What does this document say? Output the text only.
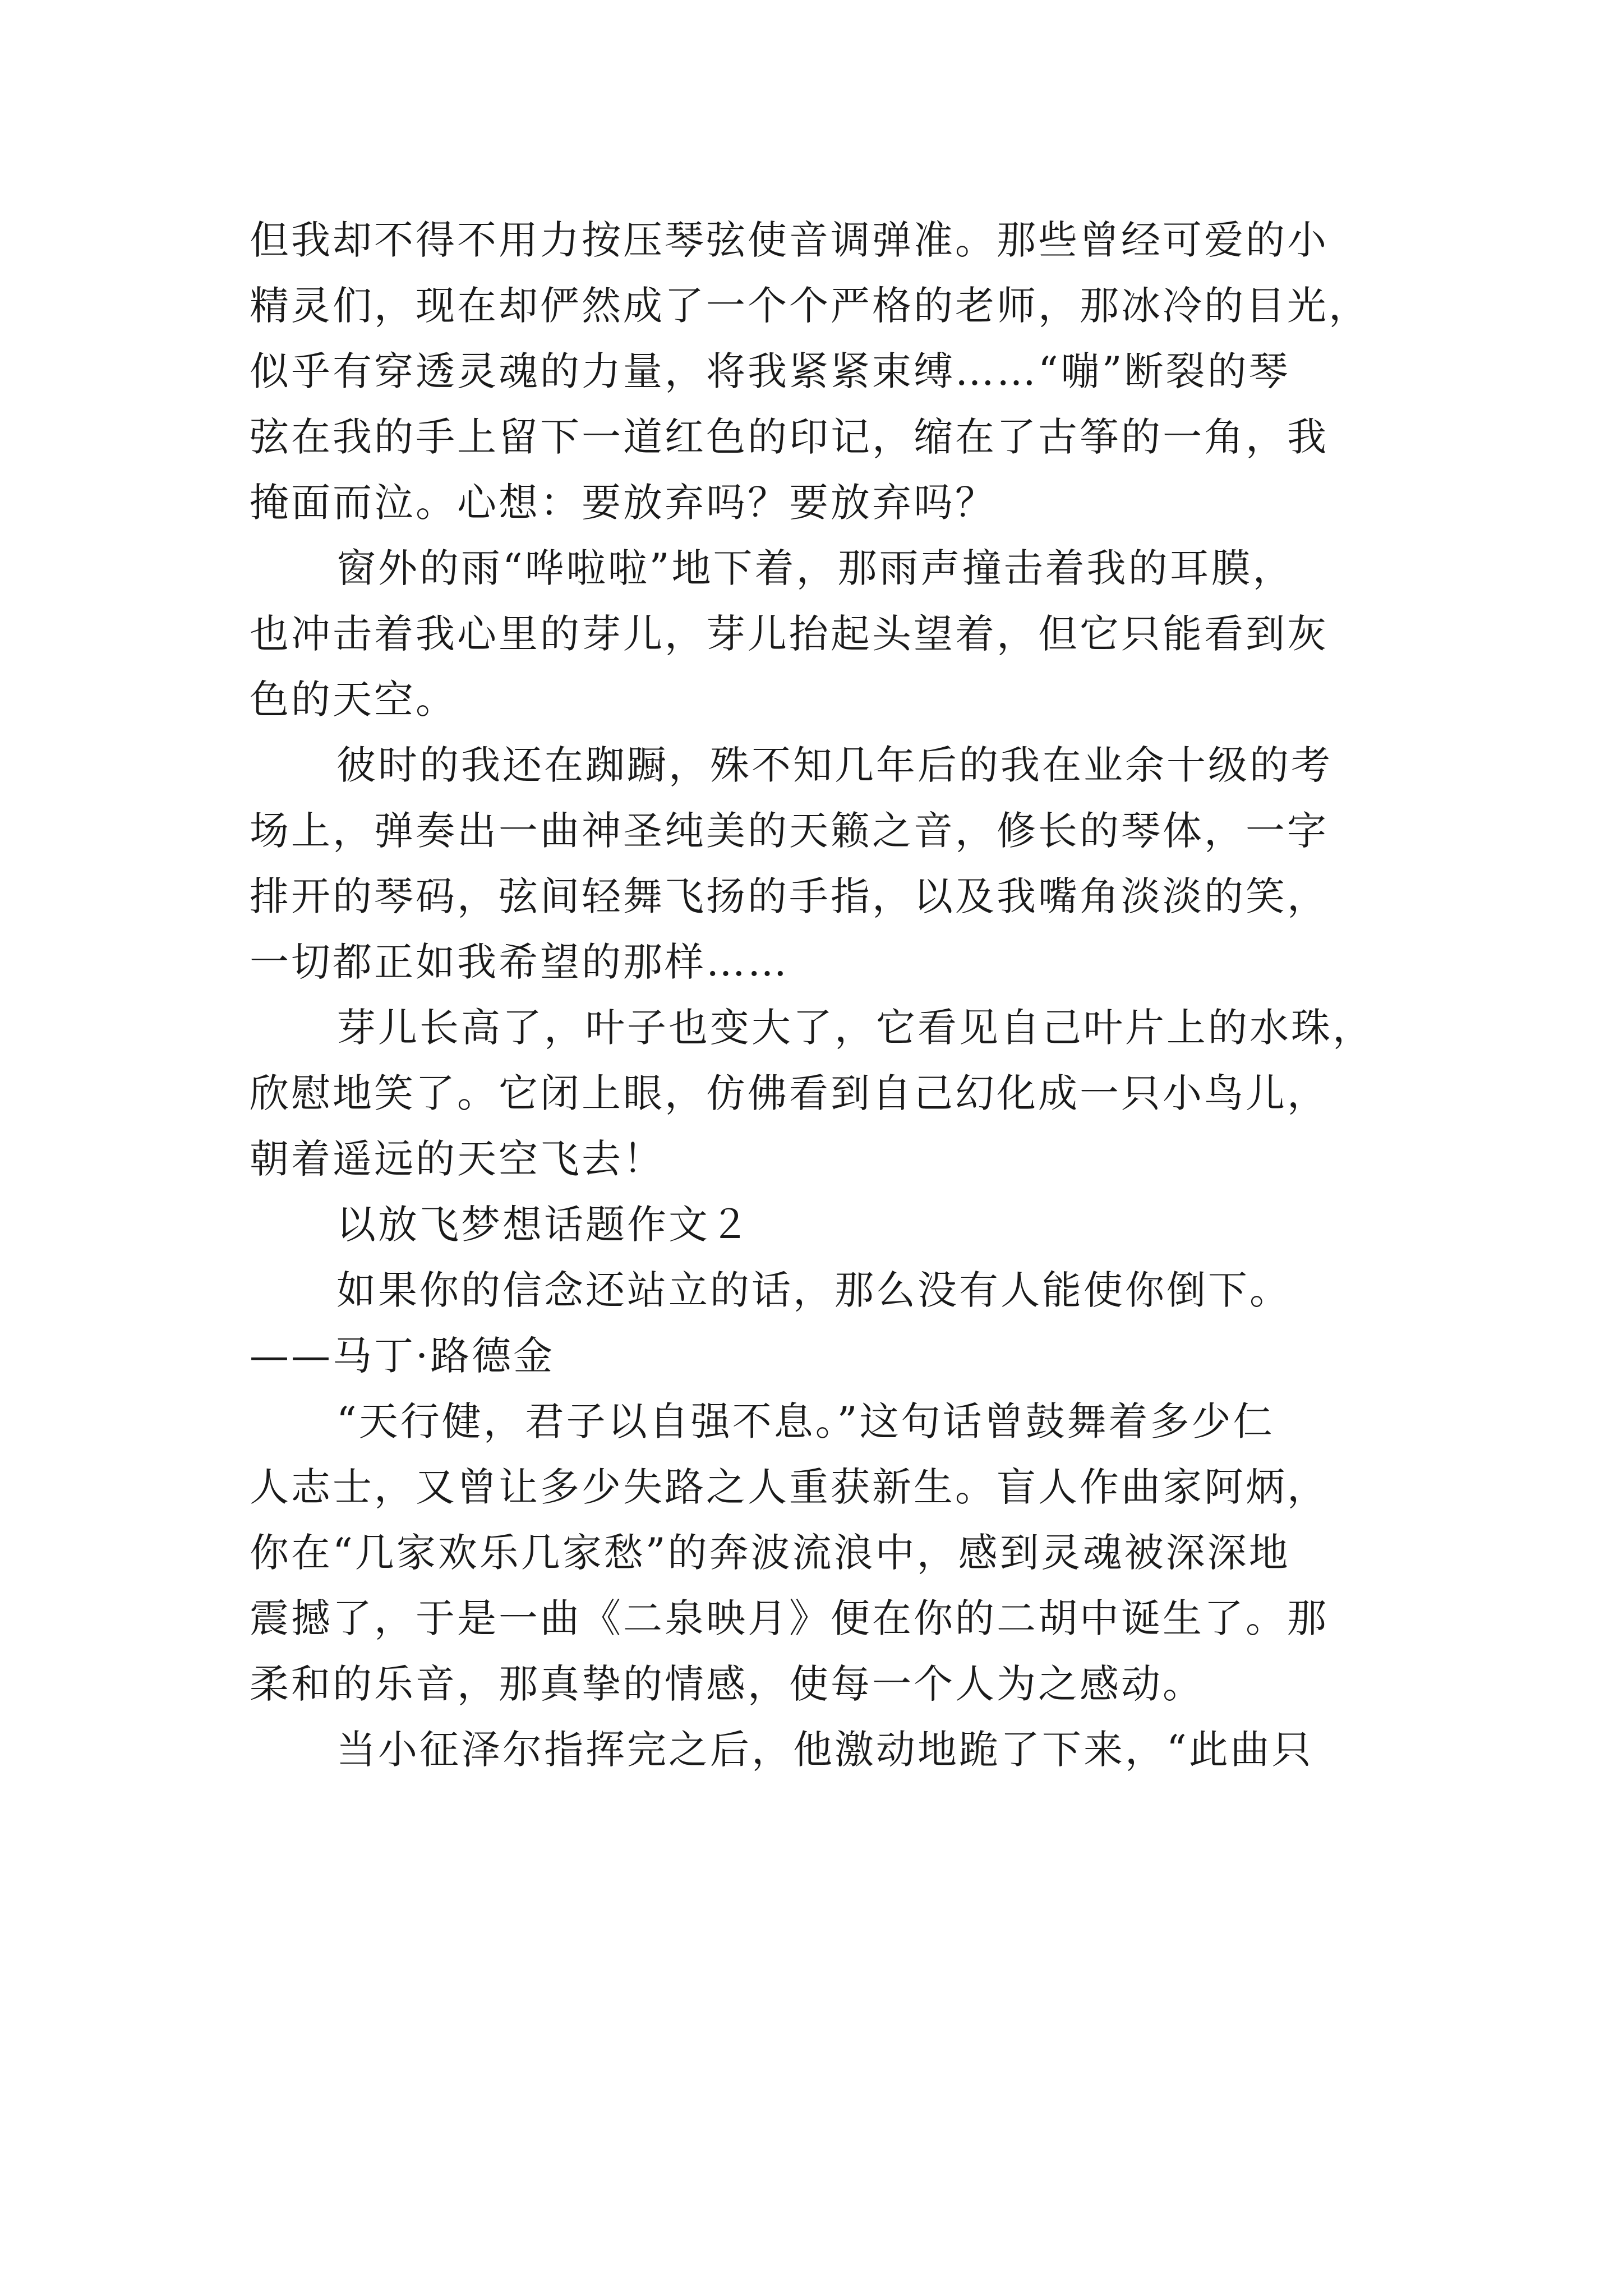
但我却不得不用力按压琴弦使音调弹准。那些曾经可爱的小
精灵们，现在却俨然成了一个个严格的老师，那冰冷的目光，
似乎有穿透灵魂的力量，将我紧紧束缚……“嘣”断裂的琴
弦在我的手上留下一道红色的印记，缩在了古筝的一角，我
掩面而泣。心想：要放弃吗？要放弃吗？
窗外的雨“哗啦啦”地下着，那雨声撞击着我的耳膜，
也冲击着我心里的芽儿，芽儿抬起头望着，但它只能看到灰
色的天空。
彼时的我还在踟蹰，殊不知几年后的我在业余十级的考
场上，弹奏出一曲神圣纯美的天籁之音，修长的琴体，一字
排开的琴码，弦间轻舞飞扬的手指，以及我嘴角淡淡的笑，
一切都正如我希望的那样……
芽儿长高了，叶子也变大了，它看见自己叶片上的水珠，
欣慰地笑了。它闭上眼，仿佛看到自己幻化成一只小鸟儿，
朝着遥远的天空飞去！
以放飞梦想话题作文２
如果你的信念还站立的话，那么没有人能使你倒下。
——马丁·路德金
“天行健，君子以自强不息。”这句话曾鼓舞着多少仁
人志士，又曾让多少失路之人重获新生。盲人作曲家阿炳，
你在“几家欢乐几家愁”的奔波流浪中，感到灵魂被深深地
震撼了，于是一曲《二泉映月》便在你的二胡中诞生了。那
柔和的乐音，那真挚的情感，使每一个人为之感动。
当小征泽尔指挥完之后，他激动地跪了下来，“此曲只
